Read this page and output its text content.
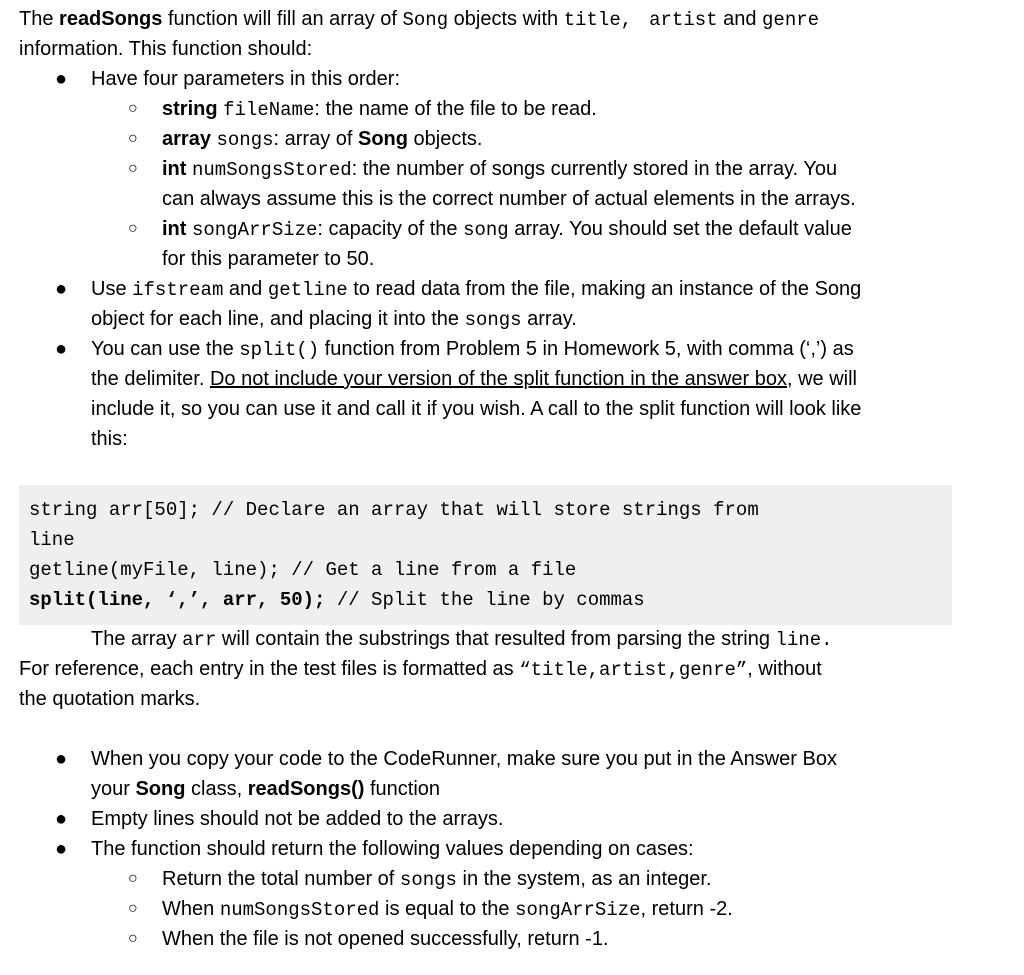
The readSongs function will fill an array of Song objects with title, artist and genre
information. This function should:
● Have four parameters in this order:
○ string fileName: the name of the file to be read.
○ array songs: array of Song objects.
○ int numSongsStored: the number of songs currently stored in the array. You
can always assume this is the correct number of actual elements in the arrays.
○ int songArrSize: capacity of the song array. You should set the default value
for this parameter to 50.
● Use ifstream and getline to read data from the file, making an instance of the Song
object for each line, and placing it into the songs array.
● You can use the split() function from Problem 5 in Homework 5, with comma (‘,’) as
the delimiter. Do not include your version of the split function in the answer box, we will
include it, so you can use it and call it if you wish. A call to the split function will look like
this:
string arr[50]; // Declare an array that will store strings from
line
getline(myFile, line); // Get a line from a file
split(line, ‘,’, arr, 50); // Split the line by commas
The array arr will contain the substrings that resulted from parsing the string line.
For reference, each entry in the test files is formatted as “title,artist,genre”, without
the quotation marks.
● When you copy your code to the CodeRunner, make sure you put in the Answer Box
your Song class, readSongs() function
● Empty lines should not be added to the arrays.
● The function should return the following values depending on cases:
○ Return the total number of songs in the system, as an integer.
○ When numSongsStored is equal to the songArrSize, return -2.
○ When the file is not opened successfully, return -1.
